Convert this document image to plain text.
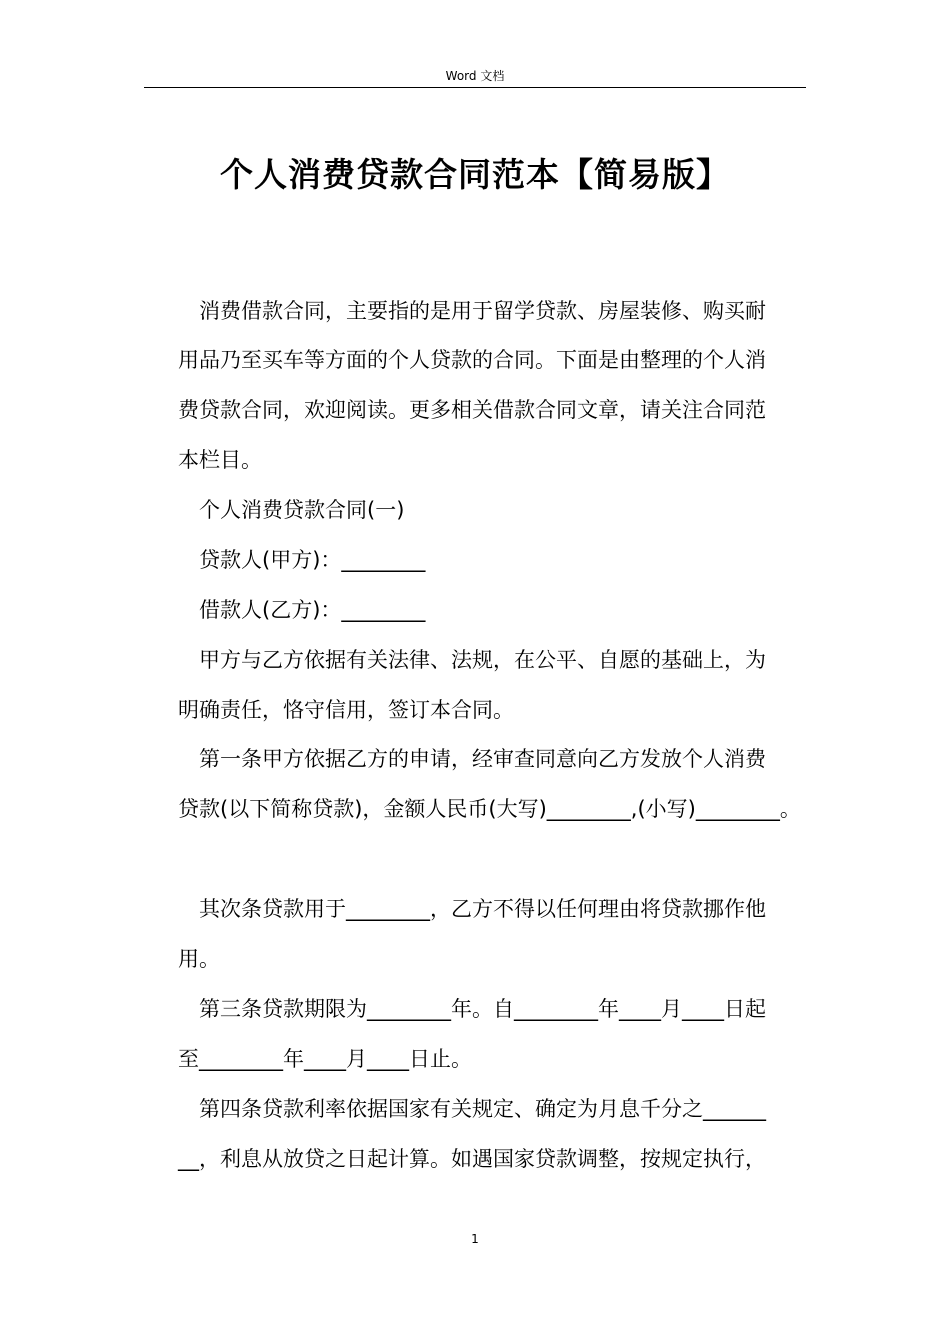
Word 文档
个人消费贷款合同范本【简易版】
消费借款合同，主要指的是用于留学贷款、房屋装修、购买耐
用品乃至买车等方面的个人贷款的合同。下面是由整理的个人消
费贷款合同，欢迎阅读。更多相关借款合同文章，请关注合同范
本栏目。
个人消费贷款合同(一)
贷款人(甲方)：________
借款人(乙方)：________
甲方与乙方依据有关法律、法规，在公平、自愿的基础上，为
明确责任，恪守信用，签订本合同。
第一条甲方依据乙方的申请，经审查同意向乙方发放个人消费
贷款(以下简称贷款)，金额人民币(大写)________,(小写)________。
其次条贷款用于________，乙方不得以任何理由将贷款挪作他
用。
第三条贷款期限为________年。自________年____月____日起
至________年____月____日止。
第四条贷款利率依据国家有关规定、确定为月息千分之______
__，利息从放贷之日起计算。如遇国家贷款调整，按规定执行，
1
